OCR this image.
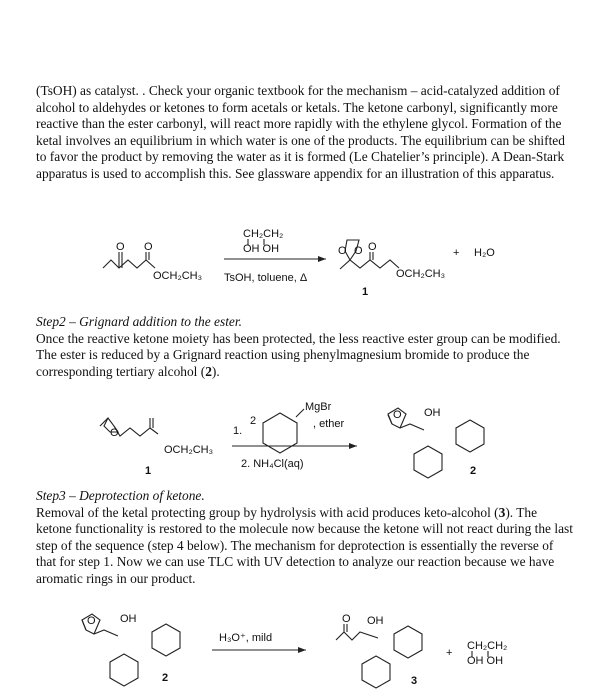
(TsOH) as catalyst. . Check your organic textbook for the mechanism – acid-catalyzed addition of alcohol to aldehydes or ketones to form acetals or ketals. The ketone carbonyl, significantly more reactive than the ester carbonyl, will react more rapidly with the ethylene glycol. Formation of the ketal involves an equilibrium in which water is one of the products. The equilibrium can be shifted to favor the product by removing the water as it is formed (Le Chatelier’s principle). A Dean-Stark apparatus is used to accomplish this. See glassware appendix for an illustration of this apparatus.

O O
OCH₂CH₃
CH₂CH₂
OH OH
TsOH, toluene, Δ
O O O
OCH₂CH₃
1
+ H₂O
Step2 – Grignard addition to the ester.
Once the reactive ketone moiety has been protected, the less reactive ester group can be modified. The ester is reduced by a Grignard reaction using phenylmagnesium bromide to produce the corresponding tertiary alcohol (2).
O
OCH₂CH₃
1
1.
2
MgBr
, ether
2. NH₄Cl(aq)
O OH
2
Step3 – Deprotection of ketone.
Removal of the ketal protecting group by hydrolysis with acid produces keto-alcohol (3). The ketone functionality is restored to the molecule now because the ketone will not react during the last step of the sequence (step 4 below). The mechanism for deprotection is essentially the reverse of that for step 1. Now we can use TLC with UV detection to analyze our reaction because we have aromatic rings in our product.
O OH
2
H₃O⁺, mild
O OH
3
+
CH₂CH₂
OH OH
